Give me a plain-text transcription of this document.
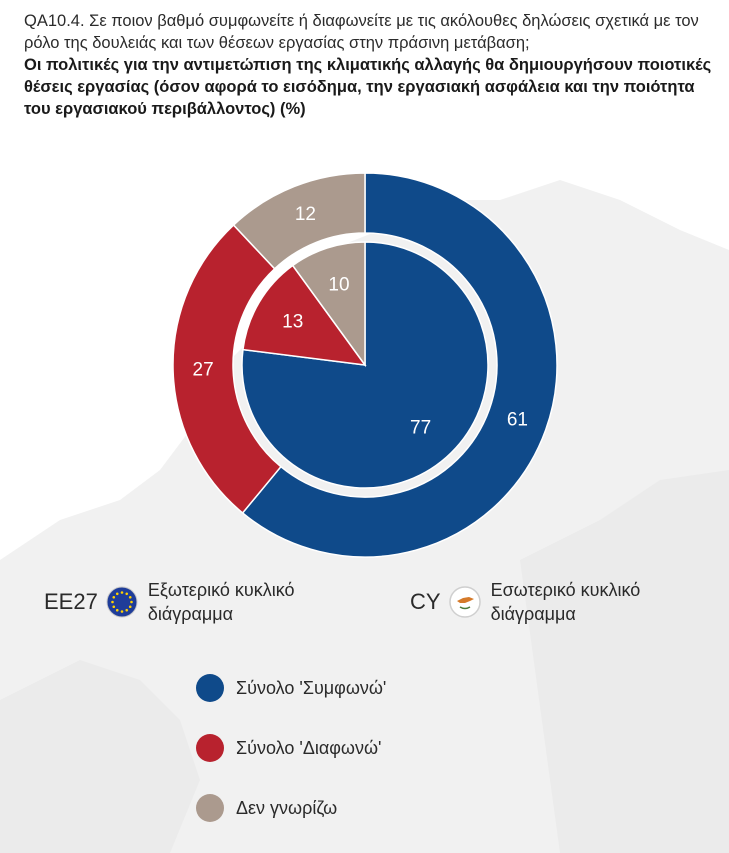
QA10.4. Σε ποιον βαθμό συμφωνείτε ή διαφωνείτε με τις ακόλουθες δηλώσεις σχετικά με τον ρόλο της δουλειάς και των θέσεων εργασίας στην πράσινη μετάβαση;
Οι πολιτικές για την αντιμετώπιση της κλιματικής αλλαγής θα δημιουργήσουν ποιοτικές θέσεις εργασίας (όσον αφορά το εισόδημα, την εργασιακή ασφάλεια και την ποιότητα του εργασιακού περιβάλλοντος) (%)
61
27
12
77
13
10
EE27	Εξωτερικό κυκλικό διάγραμμα	CY	Εσωτερικό κυκλικό διάγραμμα
Σύνολο 'Συμφωνώ'
Σύνολο 'Διαφωνώ'
Δεν γνωρίζω
